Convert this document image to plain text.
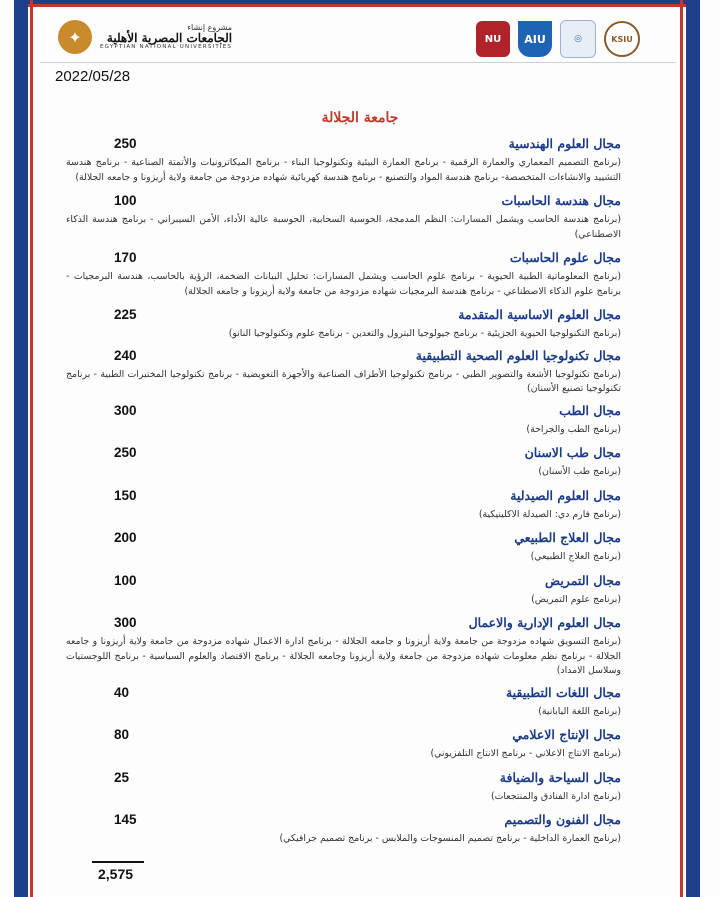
✦
مشروع إنشاء
الجامعات المصرية الأهلية
EGYPTIAN NATIONAL UNIVERSITIES
NU	AIU	◎	KSIU
2022/05/28
جامعة الجلالة
250	مجال العلوم الهندسية
(برنامج التصميم المعماري والعمارة الرقمية - برنامج العمارة البيئية وتكنولوجيا البناء - برنامج الميكاترونيات والأتمتة الصناعية - برنامج هندسة التشييد والانشاءات المتخصصة- برنامج هندسة المواد والتصنيع - برنامج هندسة كهربائية شهاده مزدوجة من جامعة ولاية أريزونا و جامعه الجلالة)
100	مجال هندسة الحاسبات
(برنامج هندسة الحاسب ويشمل المسارات: النظم المدمجة، الحوسبة السحابية، الحوسبة عالية الأداء، الأمن السيبراني - برنامج هندسة الذكاء الاصطناعي)
170	مجال علوم الحاسبات
(برنامج المعلوماتية الطبية الحيوية - برنامج علوم الحاسب ويشمل المسارات: تحليل البيانات الضخمة، الرؤية بالحاسب، هندسة البرمجيات - برنامج علوم الذكاء الاصطناعي - برنامج هندسة البرمجيات شهاده مزدوجة من جامعة ولاية أريزونا و جامعه الجلالة)
225	مجال العلوم الاساسية المتقدمة
(برنامج التكنولوجيا الحيوية الجزيئية - برنامج جيولوجيا البترول والتعدين - برنامج علوم وتكنولوجيا النانو)
240	مجال تكنولوجيا العلوم الصحية التطبيقية
(برنامج تكنولوجيا الأشعة والتصوير الطبي - برنامج تكنولوجيا الأطراف الصناعية والأجهزة التعويضية - برنامج تكنولوجيا المختبرات الطبية - برنامج تكنولوجيا تصنيع الأسنان)
300	مجال الطب
(برنامج الطب والجراحة)
250	مجال طب الاسنان
(برنامج طب الأسنان)
150	مجال العلوم الصيدلية
(برنامج فارم دي: الصيدلة الاكلينيكية)
200	مجال العلاج الطبيعي
(برنامج العلاج الطبيعي)
100	مجال التمريض
(برنامج علوم التمريض)
300	مجال العلوم الإدارية والاعمال
(برنامج التسويق شهاده مزدوجة من جامعة ولاية أريزونا و جامعه الجلالة - برنامج ادارة الاعمال شهاده مزدوجة من جامعة ولاية أريزونا و جامعه الجلالة - برنامج نظم معلومات شهاده مزدوجة من جامعة ولاية أريزونا وجامعه الجلالة - برنامج الاقتصاد والعلوم السياسية - برنامج اللوجستيات وسلاسل الامداد)
40	مجال اللغات التطبيقية
(برنامج اللغة اليابانية)
80	مجال الإنتاج الاعلامي
(برنامج الانتاج الاعلاني - برنامج الانتاج التلفزيوني)
25	مجال السياحة والضيافة
(برنامج ادارة الفنادق والمنتجعات)
145	مجال الفنون والتصميم
(برنامج العمارة الداخلية - برنامج تصميم المنسوجات والملابس - برنامج تصميم جرافيكي)
2,575
